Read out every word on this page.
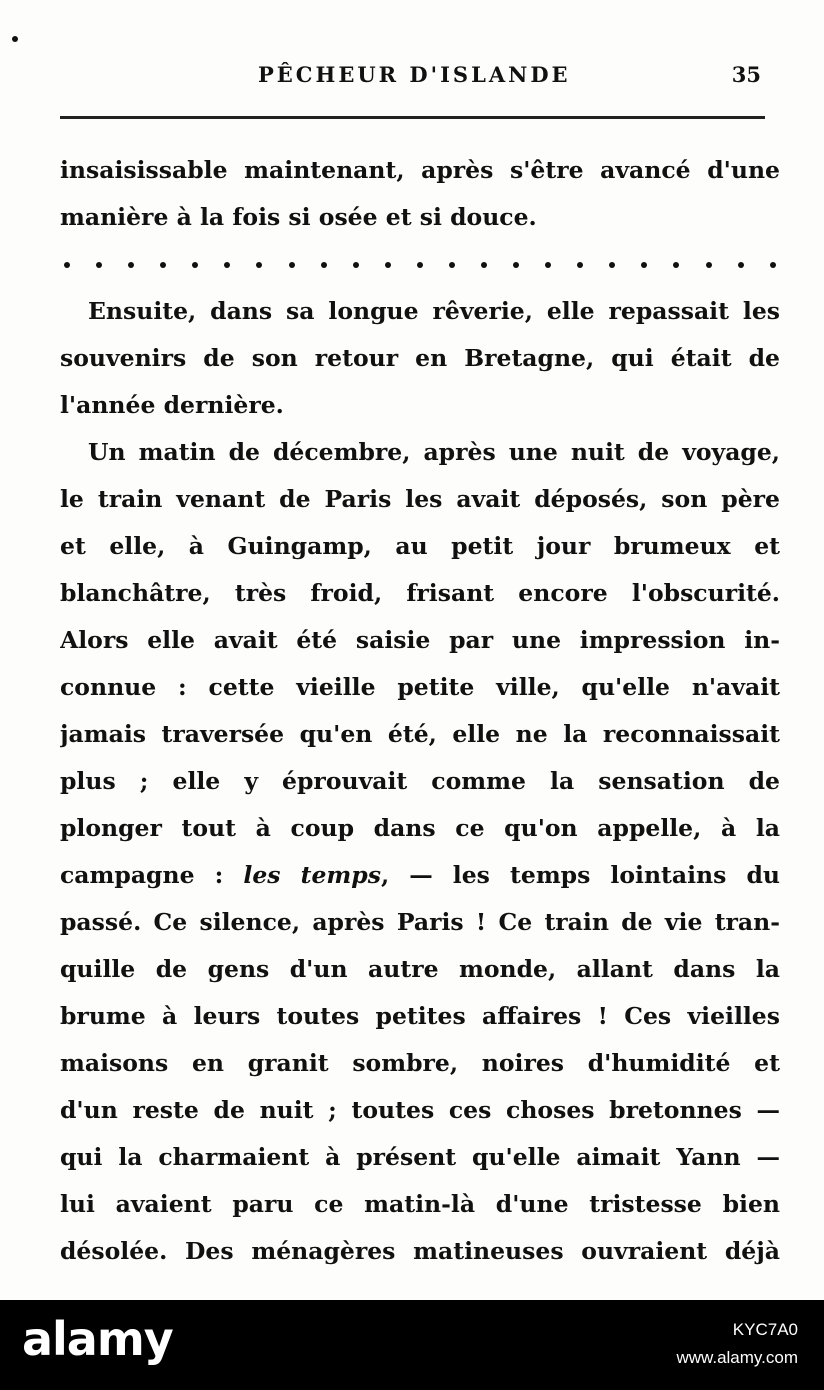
PÊCHEUR D'ISLANDE	35
insaisissable maintenant, après s'être avancé d'une
manière à la fois si osée et si douce.
Ensuite, dans sa longue rêverie, elle repassait les
souvenirs de son retour en Bretagne, qui était de
l'année dernière.
Un matin de décembre, après une nuit de voyage,
le train venant de Paris les avait déposés, son père
et elle, à Guingamp, au petit jour brumeux et
blanchâtre, très froid, frisant encore l'obscurité.
Alors elle avait été saisie par une impression in-
connue : cette vieille petite ville, qu'elle n'avait
jamais traversée qu'en été, elle ne la reconnaissait
plus ; elle y éprouvait comme la sensation de
plonger tout à coup dans ce qu'on appelle, à la
campagne : les temps, — les temps lointains du
passé. Ce silence, après Paris ! Ce train de vie tran-
quille de gens d'un autre monde, allant dans la
brume à leurs toutes petites affaires ! Ces vieilles
maisons en granit sombre, noires d'humidité et
d'un reste de nuit ; toutes ces choses bretonnes —
qui la charmaient à présent qu'elle aimait Yann —
lui avaient paru ce matin-là d'une tristesse bien
désolée. Des ménagères matineuses ouvraient déjà
alamy	KYC7A0
www.alamy.com
